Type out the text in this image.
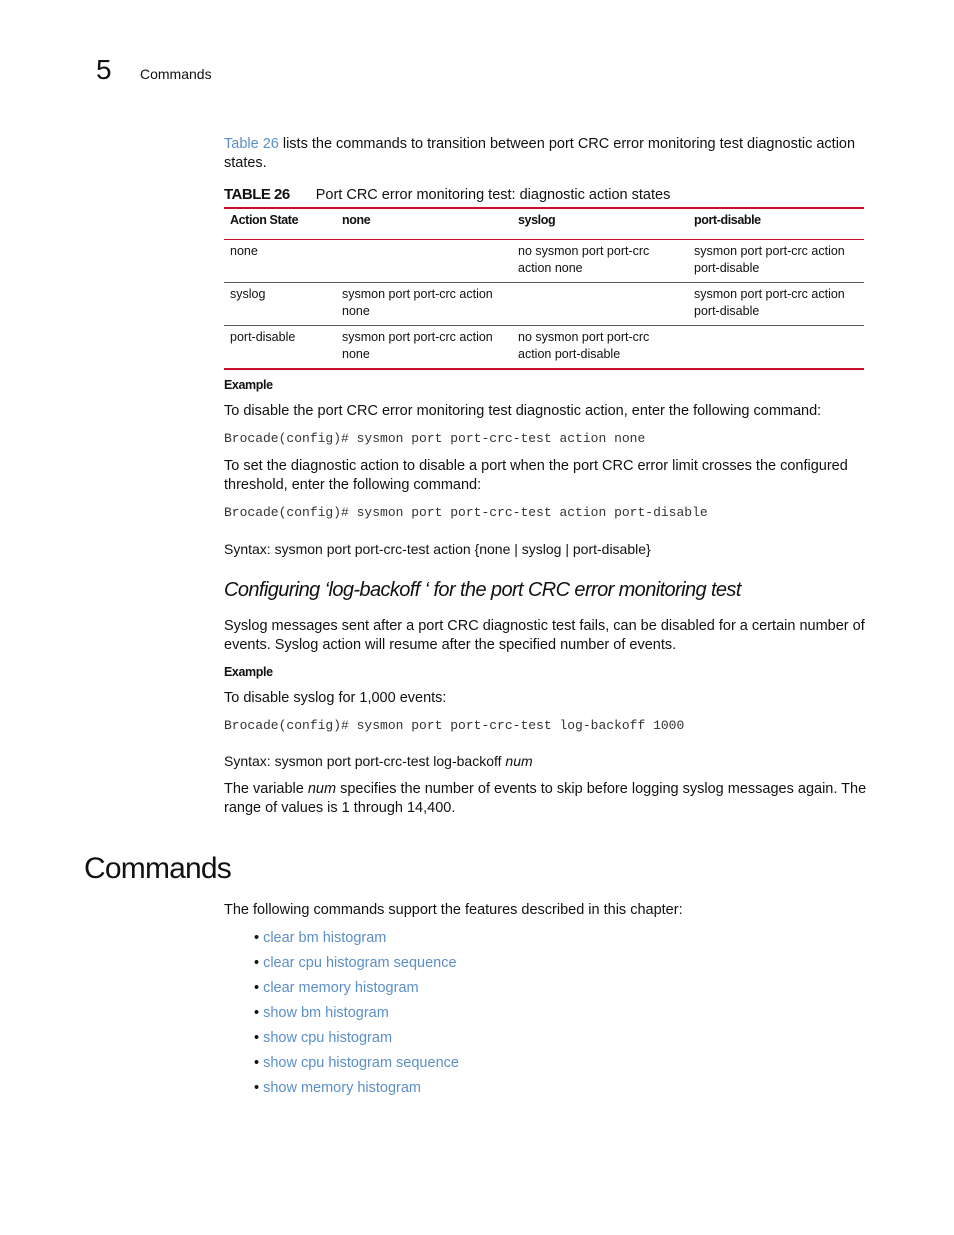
5 Commands
Table 26 lists the commands to transition between port CRC error monitoring test diagnostic action states.
TABLE 26 Port CRC error monitoring test: diagnostic action states
Action State	none	syslog	port-disable
none		no sysmon port port-crc action none	sysmon port port-crc action port-disable
syslog	sysmon port port-crc action none		sysmon port port-crc action port-disable
port-disable	sysmon port port-crc action none	no sysmon port port-crc action port-disable	
Example
To disable the port CRC error monitoring test diagnostic action, enter the following command:
Brocade(config)# sysmon port port-crc-test action none
To set the diagnostic action to disable a port when the port CRC error limit crosses the configured threshold, enter the following command:
Brocade(config)# sysmon port port-crc-test action port-disable
Syntax: sysmon port port-crc-test action {none | syslog | port-disable}
Configuring ‘log-backoff ‘ for the port CRC error monitoring test
Syslog messages sent after a port CRC diagnostic test fails, can be disabled for a certain number of events. Syslog action will resume after the specified number of events.
Example
To disable syslog for 1,000 events:
Brocade(config)# sysmon port port-crc-test log-backoff 1000
Syntax: sysmon port port-crc-test log-backoff num
The variable num specifies the number of events to skip before logging syslog messages again. The range of values is 1 through 14,400.
Commands
The following commands support the features described in this chapter:
• clear bm histogram
• clear cpu histogram sequence
• clear memory histogram
• show bm histogram
• show cpu histogram
• show cpu histogram sequence
• show memory histogram
